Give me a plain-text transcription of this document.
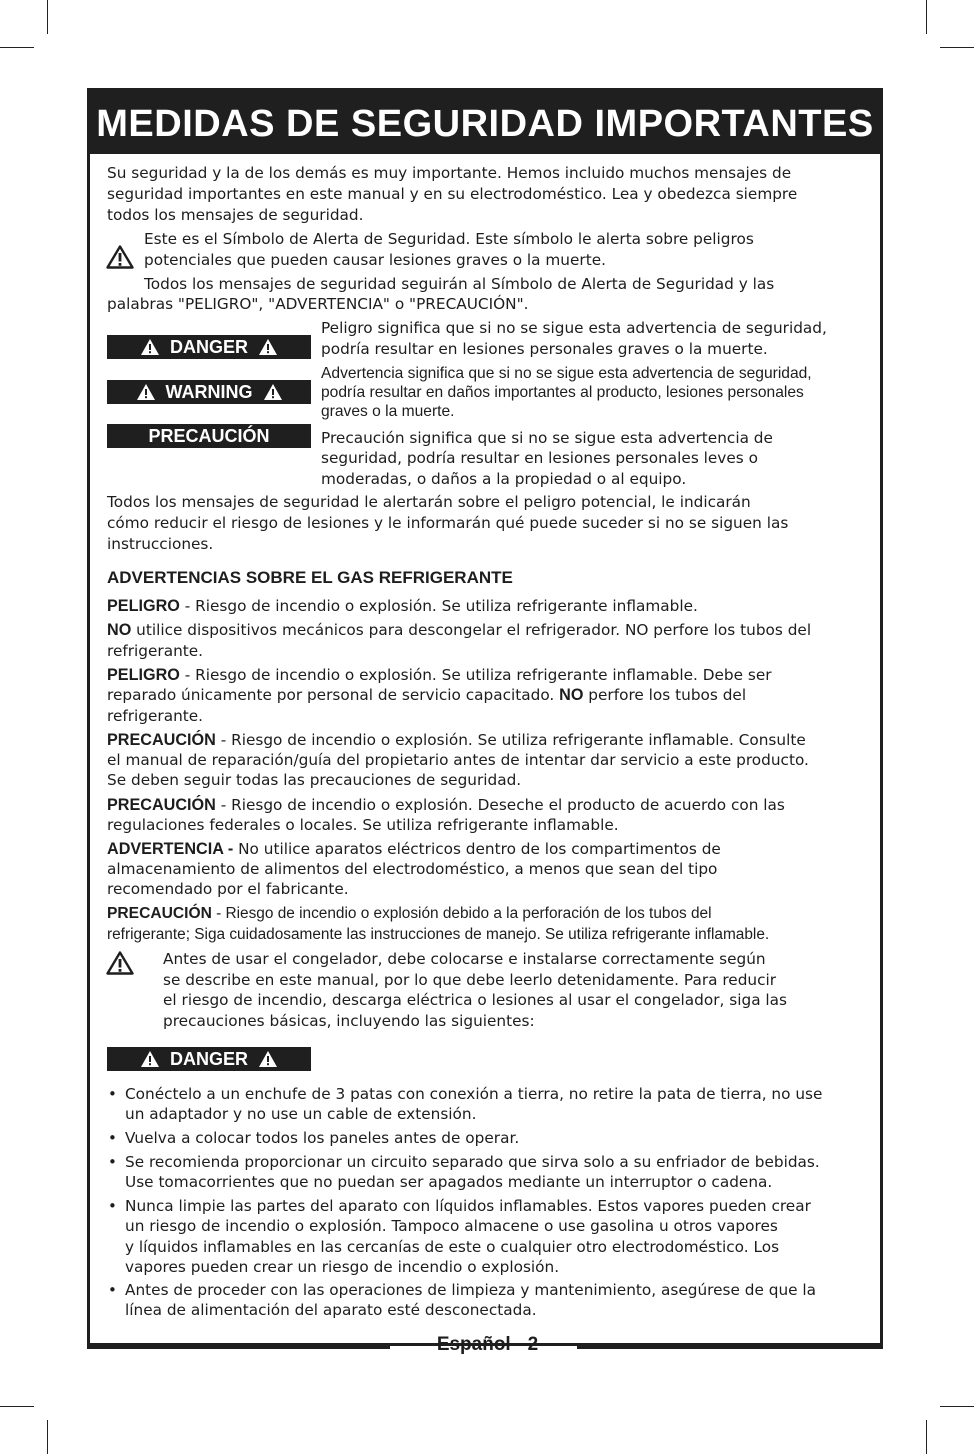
MEDIDAS DE SEGURIDAD IMPORTANTES
Su seguridad y la de los demás es muy importante. Hemos incluido muchos mensajes de
seguridad importantes en este manual y en su electrodoméstico. Lea y obedezca siempre
todos los mensajes de seguridad.
Este es el Símbolo de Alerta de Seguridad. Este símbolo le alerta sobre peligros
potenciales que pueden causar lesiones graves o la muerte.
Todos los mensajes de seguridad seguirán al Símbolo de Alerta de Seguridad y las
palabras "PELIGRO", "ADVERTENCIA" o "PRECAUCIÓN".
DANGER
Peligro significa que si no se sigue esta advertencia de seguridad,
podría resultar en lesiones personales graves o la muerte.
WARNING
Advertencia significa que si no se sigue esta advertencia de seguridad,
podría resultar en daños importantes al producto, lesiones personales
graves o la muerte.
PRECAUCIÓN	Precaución significa que si no se sigue esta advertencia de
seguridad, podría resultar en lesiones personales leves o
moderadas, o daños a la propiedad o al equipo.
Todos los mensajes de seguridad le alertarán sobre el peligro potencial, le indicarán
cómo reducir el riesgo de lesiones y le informarán qué puede suceder si no se siguen las
instrucciones.
ADVERTENCIAS SOBRE EL GAS REFRIGERANTE
PELIGRO - Riesgo de incendio o explosión. Se utiliza refrigerante inflamable.
NO utilice dispositivos mecánicos para descongelar el refrigerador. NO perfore los tubos del
refrigerante.
PELIGRO - Riesgo de incendio o explosión. Se utiliza refrigerante inflamable. Debe ser
reparado únicamente por personal de servicio capacitado. NO perfore los tubos del
refrigerante.
PRECAUCIÓN - Riesgo de incendio o explosión. Se utiliza refrigerante inflamable. Consulte
el manual de reparación/guía del propietario antes de intentar dar servicio a este producto.
Se deben seguir todas las precauciones de seguridad.
PRECAUCIÓN - Riesgo de incendio o explosión. Deseche el producto de acuerdo con las
regulaciones federales o locales. Se utiliza refrigerante inflamable.
ADVERTENCIA - No utilice aparatos eléctricos dentro de los compartimentos de
almacenamiento de alimentos del electrodoméstico, a menos que sean del tipo
recomendado por el fabricante.
PRECAUCIÓN - Riesgo de incendio o explosión debido a la perforación de los tubos del
refrigerante; Siga cuidadosamente las instrucciones de manejo. Se utiliza refrigerante inflamable.
Antes de usar el congelador, debe colocarse e instalarse correctamente según
se describe en este manual, por lo que debe leerlo detenidamente. Para reducir
el riesgo de incendio, descarga eléctrica o lesiones al usar el congelador, siga las
precauciones básicas, incluyendo las siguientes:
DANGER
• Conéctelo a un enchufe de 3 patas con conexión a tierra, no retire la pata de tierra, no use
un adaptador y no use un cable de extensión.
• Vuelva a colocar todos los paneles antes de operar.
• Se recomienda proporcionar un circuito separado que sirva solo a su enfriador de bebidas.
Use tomacorrientes que no puedan ser apagados mediante un interruptor o cadena.
• Nunca limpie las partes del aparato con líquidos inflamables. Estos vapores pueden crear
un riesgo de incendio o explosión. Tampoco almacene o use gasolina u otros vapores
y líquidos inflamables en las cercanías de este o cualquier otro electrodoméstico. Los
vapores pueden crear un riesgo de incendio o explosión.
• Antes de proceder con las operaciones de limpieza y mantenimiento, asegúrese de que la
línea de alimentación del aparato esté desconectada.
Español - 2
